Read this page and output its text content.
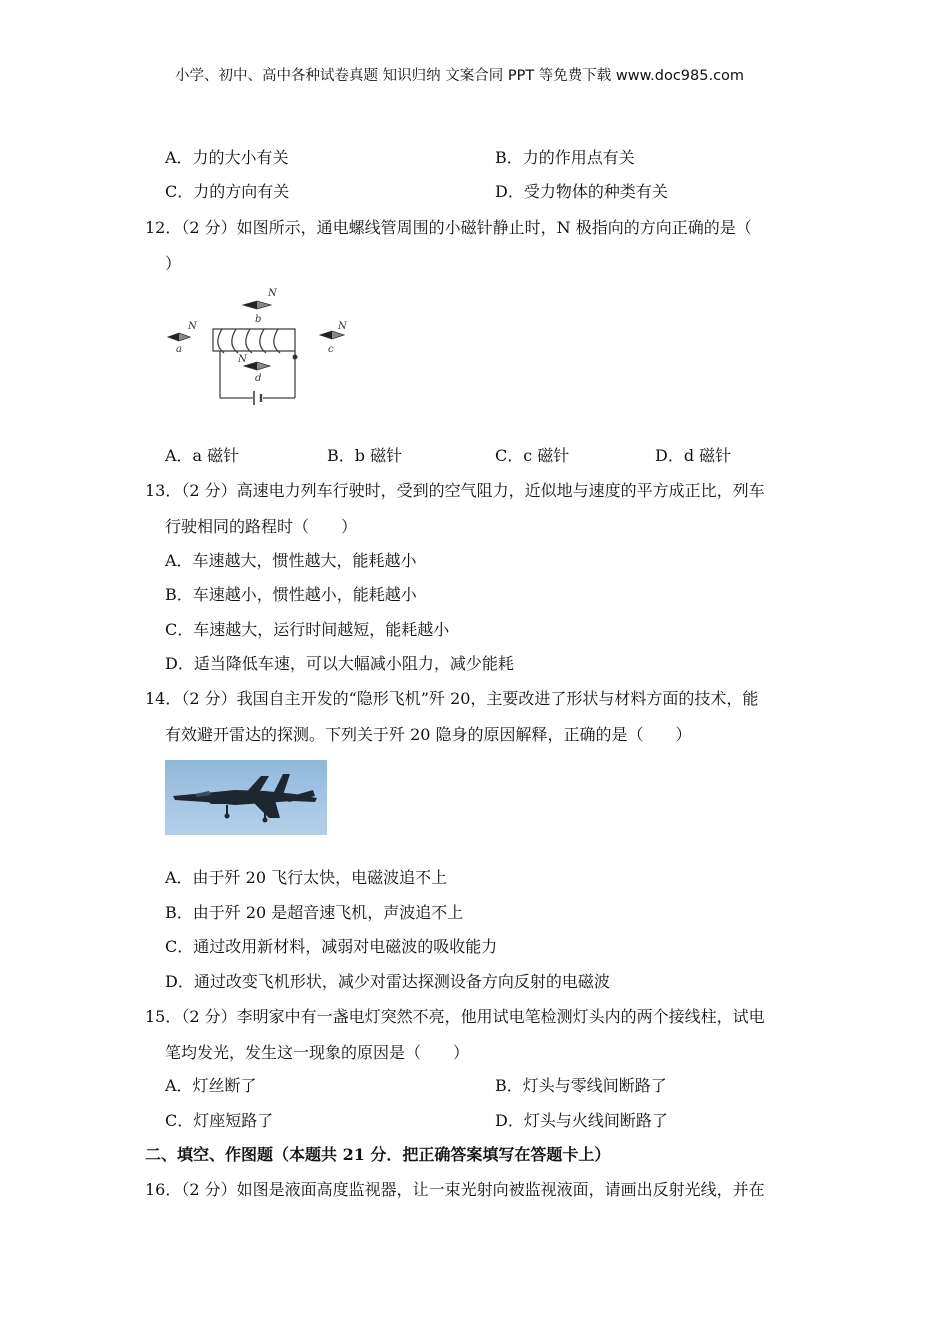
小学、初中、高中各种试卷真题 知识归纳 文案合同 PPT 等免费下载 www.doc985.com
A．力的大小有关	B．力的作用点有关
C．力的方向有关	D．受力物体的种类有关
12．（2 分）如图所示，通电螺线管周围的小磁针静止时，N 极指向的方向正确的是（
）
N
b
N
a
N
c
N
d
A．a 磁针	B．b 磁针	C．c 磁针	D．d 磁针
13．（2 分）高速电力列车行驶时，受到的空气阻力，近似地与速度的平方成正比，列车
行驶相同的路程时（　　）
A．车速越大，惯性越大，能耗越小
B．车速越小，惯性越小，能耗越小
C．车速越大，运行时间越短，能耗越小
D．适当降低车速，可以大幅减小阻力，减少能耗
14．（2 分）我国自主开发的“隐形飞机”歼 20，主要改进了形状与材料方面的技术，能
有效避开雷达的探测。下列关于歼 20 隐身的原因解释，正确的是（　　）
A．由于歼 20 飞行太快，电磁波追不上
B．由于歼 20 是超音速飞机，声波追不上
C．通过改用新材料，减弱对电磁波的吸收能力
D．通过改变飞机形状，减少对雷达探测设备方向反射的电磁波
15．（2 分）李明家中有一盏电灯突然不亮，他用试电笔检测灯头内的两个接线柱，试电
笔均发光，发生这一现象的原因是（　　）
A．灯丝断了	B．灯头与零线间断路了
C．灯座短路了	D．灯头与火线间断路了
二、填空、作图题（本题共 21 分．把正确答案填写在答题卡上）
16．（2 分）如图是液面高度监视器，让一束光射向被监视液面，请画出反射光线，并在
